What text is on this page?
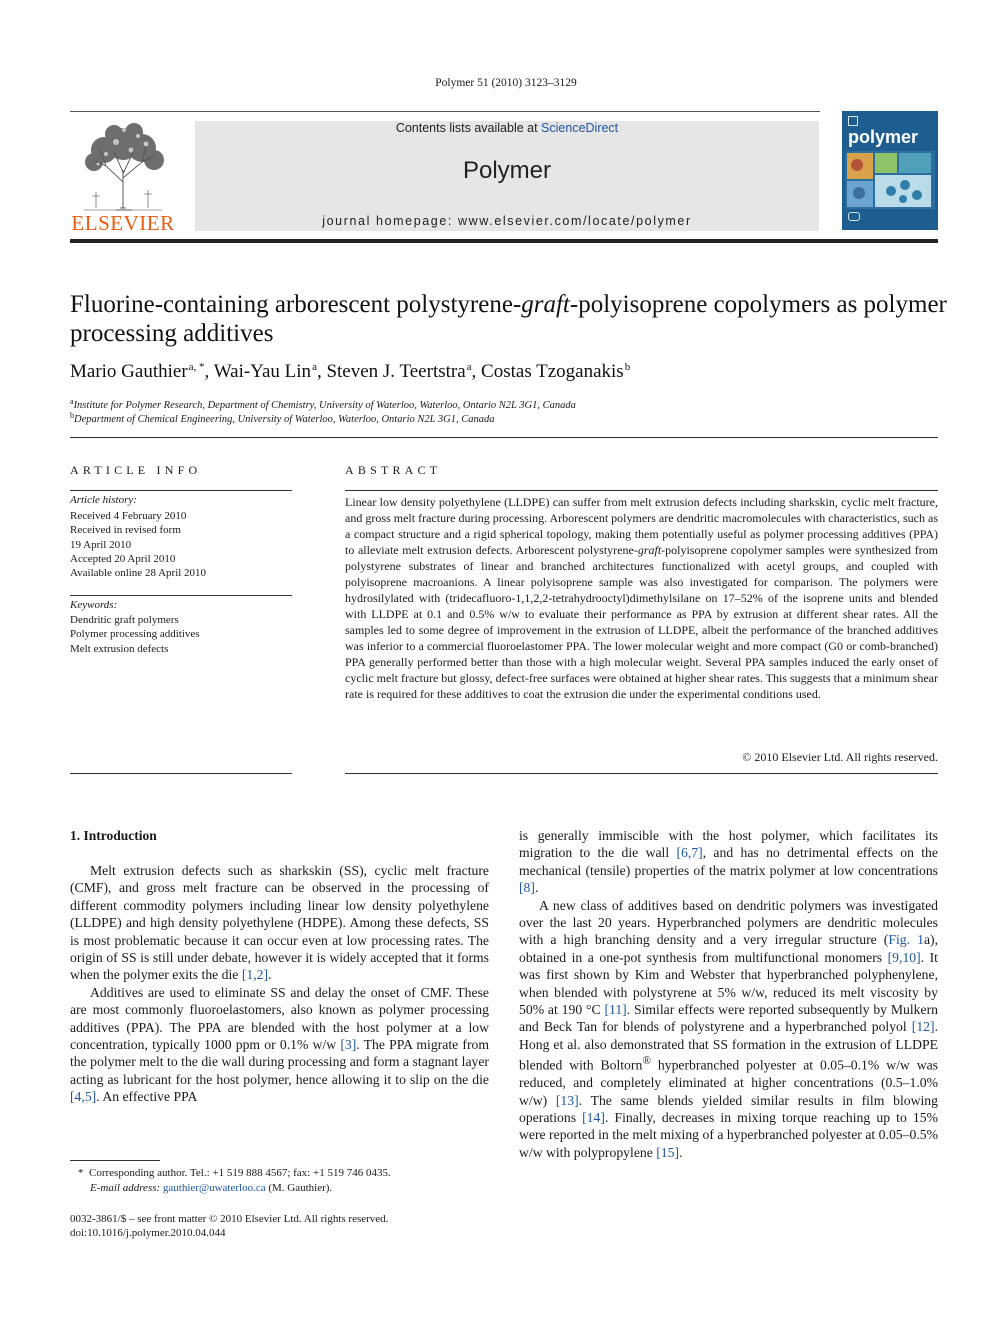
Polymer 51 (2010) 3123–3129
ELSEVIER
Contents lists available at ScienceDirect
Polymer
journal homepage: www.elsevier.com/locate/polymer
polymer
Fluorine-containing arborescent polystyrene-graft-polyisoprene copolymers as polymer processing additives
Mario Gauthier$^{a, *}$, Wai-Yau Lin$^a$, Steven J. Teertstra$^a$, Costas Tzoganakis$^b$
$^a$Institute for Polymer Research, Department of Chemistry, University of Waterloo, Waterloo, Ontario N2L 3G1, Canada
$^b$Department of Chemical Engineering, University of Waterloo, Waterloo, Ontario N2L 3G1, Canada
ARTICLE INFO
Article history:
Received 4 February 2010
Received in revised form
19 April 2010
Accepted 20 April 2010
Available online 28 April 2010
Keywords:
Dendritic graft polymers
Polymer processing additives
Melt extrusion defects
ABSTRACT
Linear low density polyethylene (LLDPE) can suffer from melt extrusion defects including sharkskin, cyclic melt fracture, and gross melt fracture during processing. Arborescent polymers are dendritic macromolecules with characteristics, such as a compact structure and a rigid spherical topology, making them potentially useful as polymer processing additives (PPA) to alleviate melt extrusion defects. Arborescent polystyrene-graft-polyisoprene copolymer samples were synthesized from polystyrene substrates of linear and branched architectures functionalized with acetyl groups, and coupled with polyisoprene macroanions. A linear polyisoprene sample was also investigated for comparison. The polymers were hydrosilylated with (tridecafluoro-1,1,2,2-tetrahydrooctyl)dimethylsilane on 17–52% of the isoprene units and blended with LLDPE at 0.1 and 0.5% w/w to evaluate their performance as PPA by extrusion at different shear rates. All the samples led to some degree of improvement in the extrusion of LLDPE, albeit the performance of the branched additives was inferior to a commercial fluoroelastomer PPA. The lower molecular weight and more compact (G0 or comb-branched) PPA generally performed better than those with a high molecular weight. Several PPA samples induced the early onset of cyclic melt fracture but glossy, defect-free surfaces were obtained at higher shear rates. This suggests that a minimum shear rate is required for these additives to coat the extrusion die under the experimental conditions used.
© 2010 Elsevier Ltd. All rights reserved.
1. Introduction

Melt extrusion defects such as sharkskin (SS), cyclic melt fracture (CMF), and gross melt fracture can be observed in the processing of different commodity polymers including linear low density polyethylene (LLDPE) and high density polyethylene (HDPE). Among these defects, SS is most problematic because it can occur even at low processing rates. The origin of SS is still under debate, however it is widely accepted that it forms when the polymer exits the die [1,2].

Additives are used to eliminate SS and delay the onset of CMF. These are most commonly fluoroelastomers, also known as polymer processing additives (PPA). The PPA are blended with the host polymer at a low concentration, typically 1000 ppm or 0.1% w/w [3]. The PPA migrate from the polymer melt to the die wall during processing and form a stagnant layer acting as lubricant for the host polymer, hence allowing it to slip on the die [4,5]. An effective PPA

is generally immiscible with the host polymer, which facilitates its migration to the die wall [6,7], and has no detrimental effects on the mechanical (tensile) properties of the matrix polymer at low concentrations [8].

A new class of additives based on dendritic polymers was investigated over the last 20 years. Hyperbranched polymers are dendritic molecules with a high branching density and a very irregular structure (Fig. 1a), obtained in a one-pot synthesis from multifunctional monomers [9,10]. It was first shown by Kim and Webster that hyperbranched polyphenylene, when blended with polystyrene at 5% w/w, reduced its melt viscosity by 50% at 190 °C [11]. Similar effects were reported subsequently by Mulkern and Beck Tan for blends of polystyrene and a hyperbranched polyol [12]. Hong et al. also demonstrated that SS formation in the extrusion of LLDPE blended with Boltorn® hyperbranched polyester at 0.05–0.1% w/w was reduced, and completely eliminated at higher concentrations (0.5–1.0% w/w) [13]. The same blends yielded similar results in film blowing operations [14]. Finally, decreases in mixing torque reaching up to 15% were reported in the melt mixing of a hyperbranched polyester at 0.05–0.5% w/w with polypropylene [15].

* Corresponding author. Tel.: +1 519 888 4567; fax: +1 519 746 0435.
E-mail address: gauthier@uwaterloo.ca (M. Gauthier).
0032-3861/$ – see front matter © 2010 Elsevier Ltd. All rights reserved.
doi:10.1016/j.polymer.2010.04.044
